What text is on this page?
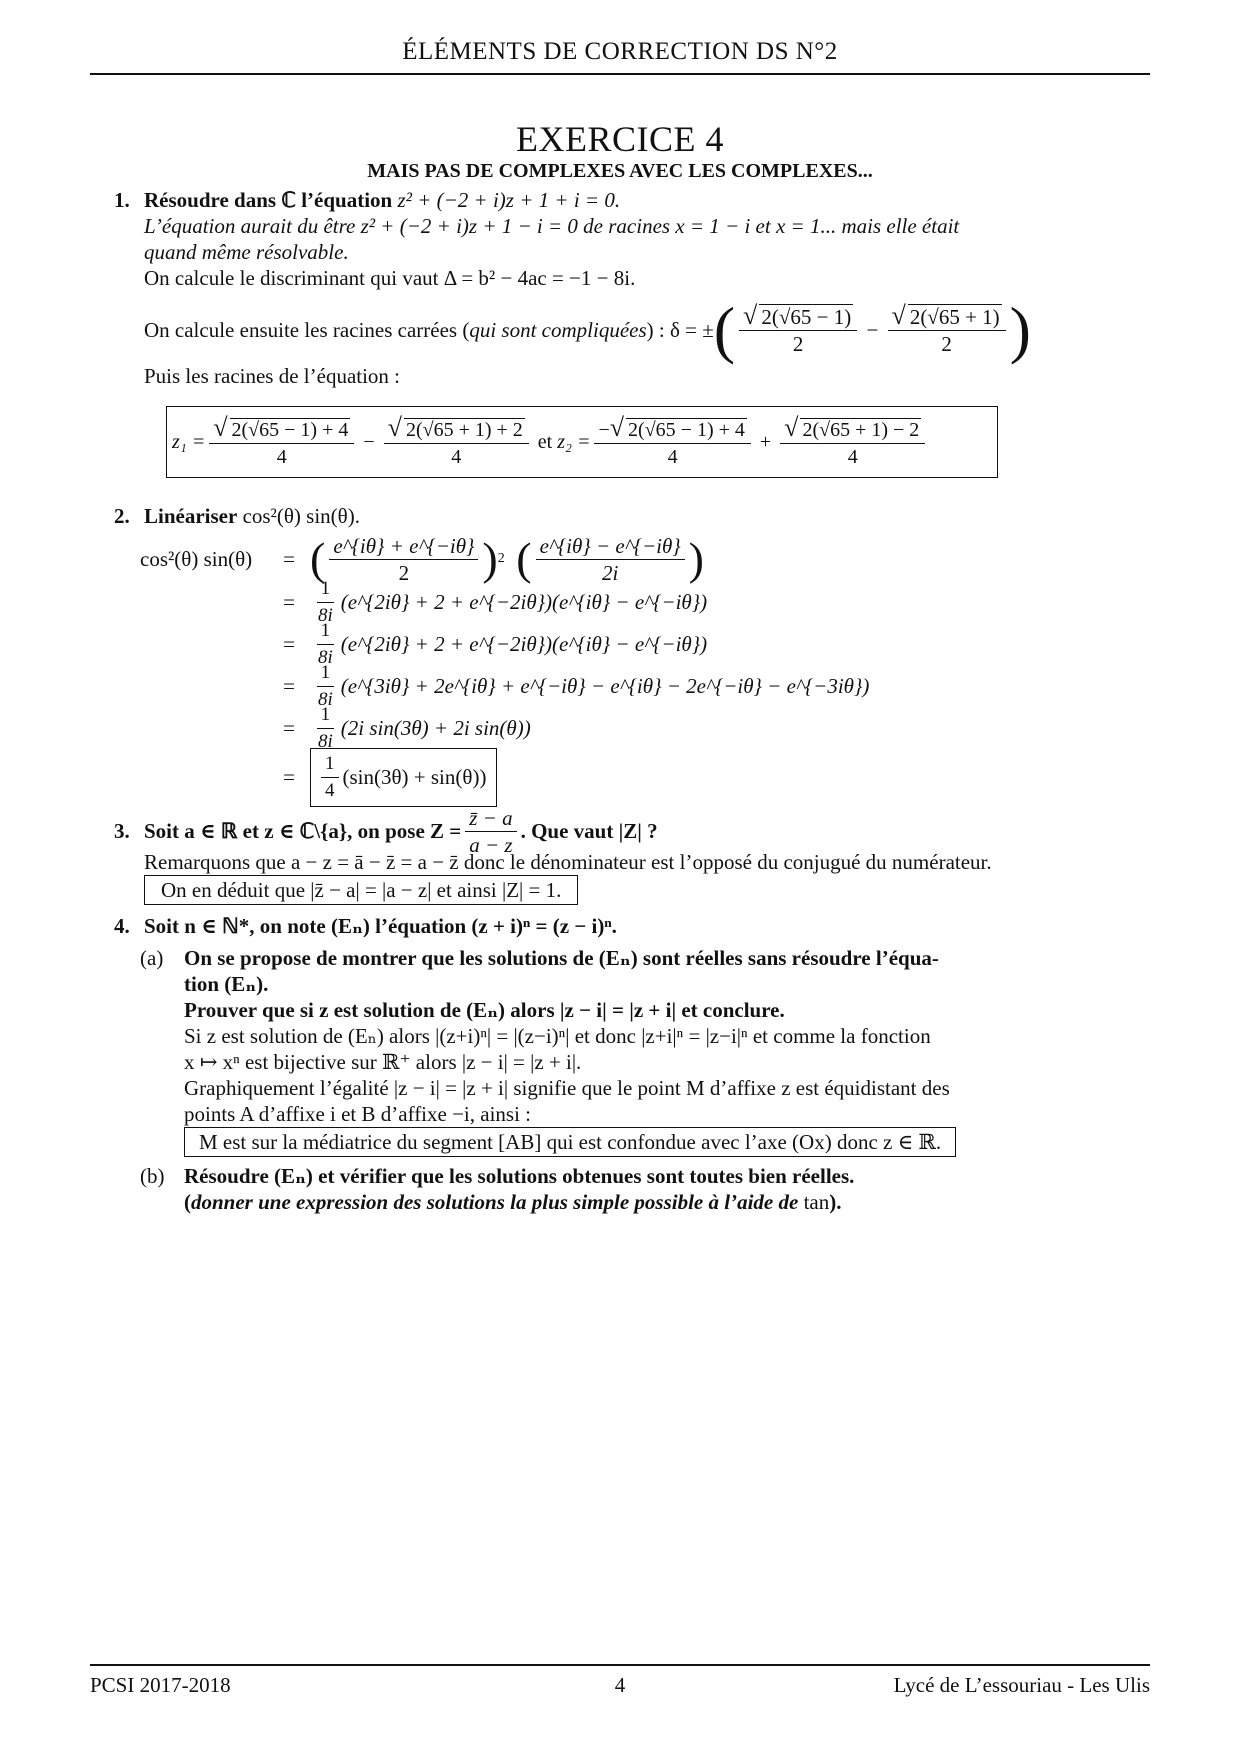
ÉLÉMENTS DE CORRECTION DS N°2
EXERCICE 4
MAIS PAS DE COMPLEXES AVEC LES COMPLEXES...
1. Résoudre dans ℂ l’équation z² + (−2 + i)z + 1 + i = 0.
L’équation aurait du être z² + (−2 + i)z + 1 − i = 0 de racines x = 1 − i et x = 1... mais elle était
quand même résolvable.
On calcule le discriminant qui vaut Δ = b² − 4ac = −1 − 8i.
On calcule ensuite les racines carrées ( qui sont compliquées ) : δ = ± ( $\frac{√ 2(√65 - 1)}{2} - \frac{√ 2(√65 + 1)}{2}$ )
Puis les racines de l’équation :
$z_1 = \frac{√ 2(√65 - 1) + 4}{4} - \frac{√ 2(√65 + 1) + 2}{4}$
et
$z_2 = \frac{-√ 2(√65 - 1) + 4}{4} + \frac{√ 2(√65 + 1) - 2}{4}$
2. Linéariser cos²(θ) sin(θ).
cos²(θ) sin(θ)	= ( $\frac{e\^{}\{i\theta\} + e\^{}\{-i\theta\}}{2}$ ) 2 ( $\frac{e\^{}\{i\theta\} - e\^{}\{-i\theta\}}{2i}$ )
=	$\frac{1}{8i}$ (e^{2iθ} + 2 + e^{−2iθ})(e^{iθ} − e^{−iθ})
=	$\frac{1}{8i}$ (e^{2iθ} + 2 + e^{−2iθ})(e^{iθ} − e^{−iθ})
=	$\frac{1}{8i}$ (e^{3iθ} + 2e^{iθ} + e^{−iθ} − e^{iθ} − 2e^{−iθ} − e^{−3iθ})
=	$\frac{1}{8i} (2i$ sin(3θ) + 2i sin(θ))
=	$\frac{1}{4} (\sin(3\theta) + \sin(\theta))$
3. Soit a ∈ ℝ et z ∈ ℂ\{a}, on pose $Z = \frac{z̄ - a}{a - z}$ . Que vaut |Z| ?
Remarquons que a − z = ā − z̄ = a − z̄ donc le dénominateur est l’opposé du conjugué du numérateur.
On en déduit que |z̄ − a| = |a − z| et ainsi |Z| = 1.
4. Soit n ∈ ℕ*, on note (Eₙ) l’équation (z + i)ⁿ = (z − i)ⁿ.
(a) On se propose de montrer que les solutions de (Eₙ) sont réelles sans résoudre l’équa-
tion (Eₙ).
Prouver que si z est solution de (Eₙ) alors |z − i| = |z + i| et conclure.
Si z est solution de (Eₙ) alors |(z+i)ⁿ| = |(z−i)ⁿ| et donc |z+i|ⁿ = |z−i|ⁿ et comme la fonction
x ↦ xⁿ est bijective sur ℝ⁺ alors |z − i| = |z + i|.
Graphiquement l’égalité |z − i| = |z + i| signifie que le point M d’affixe z est équidistant des
points A d’affixe i et B d’affixe −i, ainsi :
M est sur la médiatrice du segment [AB] qui est confondue avec l’axe (Ox) donc z ∈ ℝ.
(b) Résoudre (Eₙ) et vérifier que les solutions obtenues sont toutes bien réelles.
(donner une expression des solutions la plus simple possible à l’aide de tan).
PCSI 2017-2018	4	Lycé de L’essouriau - Les Ulis
